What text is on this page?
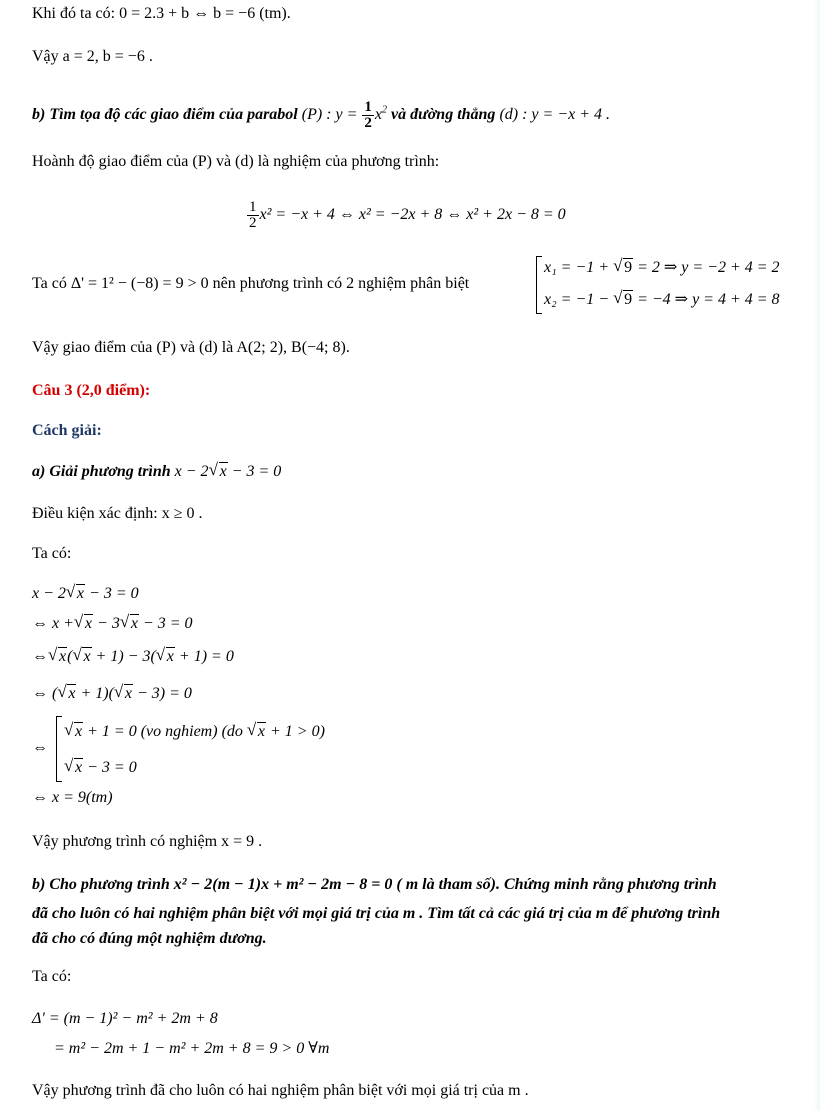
Khi đó ta có: 0 = 2.3 + b ⇔ b = −6 (tm).
Vậy a = 2, b = −6 .
b) Tìm tọa độ các giao điểm của parabol (P) : $y = \frac{1}{2} x^2$ và đường thẳng (d) : y = −x + 4 .
Hoành độ giao điểm của (P) và (d) là nghiệm của phương trình:
$\frac{1}{2} x^2 = -x + 4$ ⇔ x² = −2x + 8 ⇔ x² + 2x − 8 = 0
Ta có Δ' = 1² − (−8) = 9 > 0 nên phương trình có 2 nghiệm phân biệt
x₁ = −1 + √ 9 = 2 ⇒ y = −2 + 4 = 2
x₂ = −1 − √ 9 = −4 ⇒ y = 4 + 4 = 8
Vậy giao điểm của (P) và (d) là A(2; 2), B(−4; 8).
Câu 3 (2,0 điểm):
Cách giải:
a) Giải phương trình x − 2 √ x − 3 = 0
Điều kiện xác định: x ≥ 0 .
Ta có:
x − 2 √ x − 3 = 0
⇔ x + √ x − 3 √ x − 3 = 0
⇔ √ x( √ x + 1) − 3( √ x + 1) = 0
⇔ ( √ x + 1)( √ x − 3) = 0
⇔
√ x + 1 = 0 (vo nghiem) (do √ x + 1 > 0)
√ x − 3 = 0
⇔ x = 9(tm)
Vậy phương trình có nghiệm x = 9 .
b) Cho phương trình x² − 2(m − 1)x + m² − 2m − 8 = 0 ( m là tham số). Chứng minh rằng phương trình
đã cho luôn có hai nghiệm phân biệt với mọi giá trị của m . Tìm tất cả các giá trị của m để phương trình
đã cho có đúng một nghiệm dương.
Ta có:
Δ' = (m − 1)² − m² + 2m + 8
= m² − 2m + 1 − m² + 2m + 8 = 9 > 0 ∀m
Vậy phương trình đã cho luôn có hai nghiệm phân biệt với mọi giá trị của m .
